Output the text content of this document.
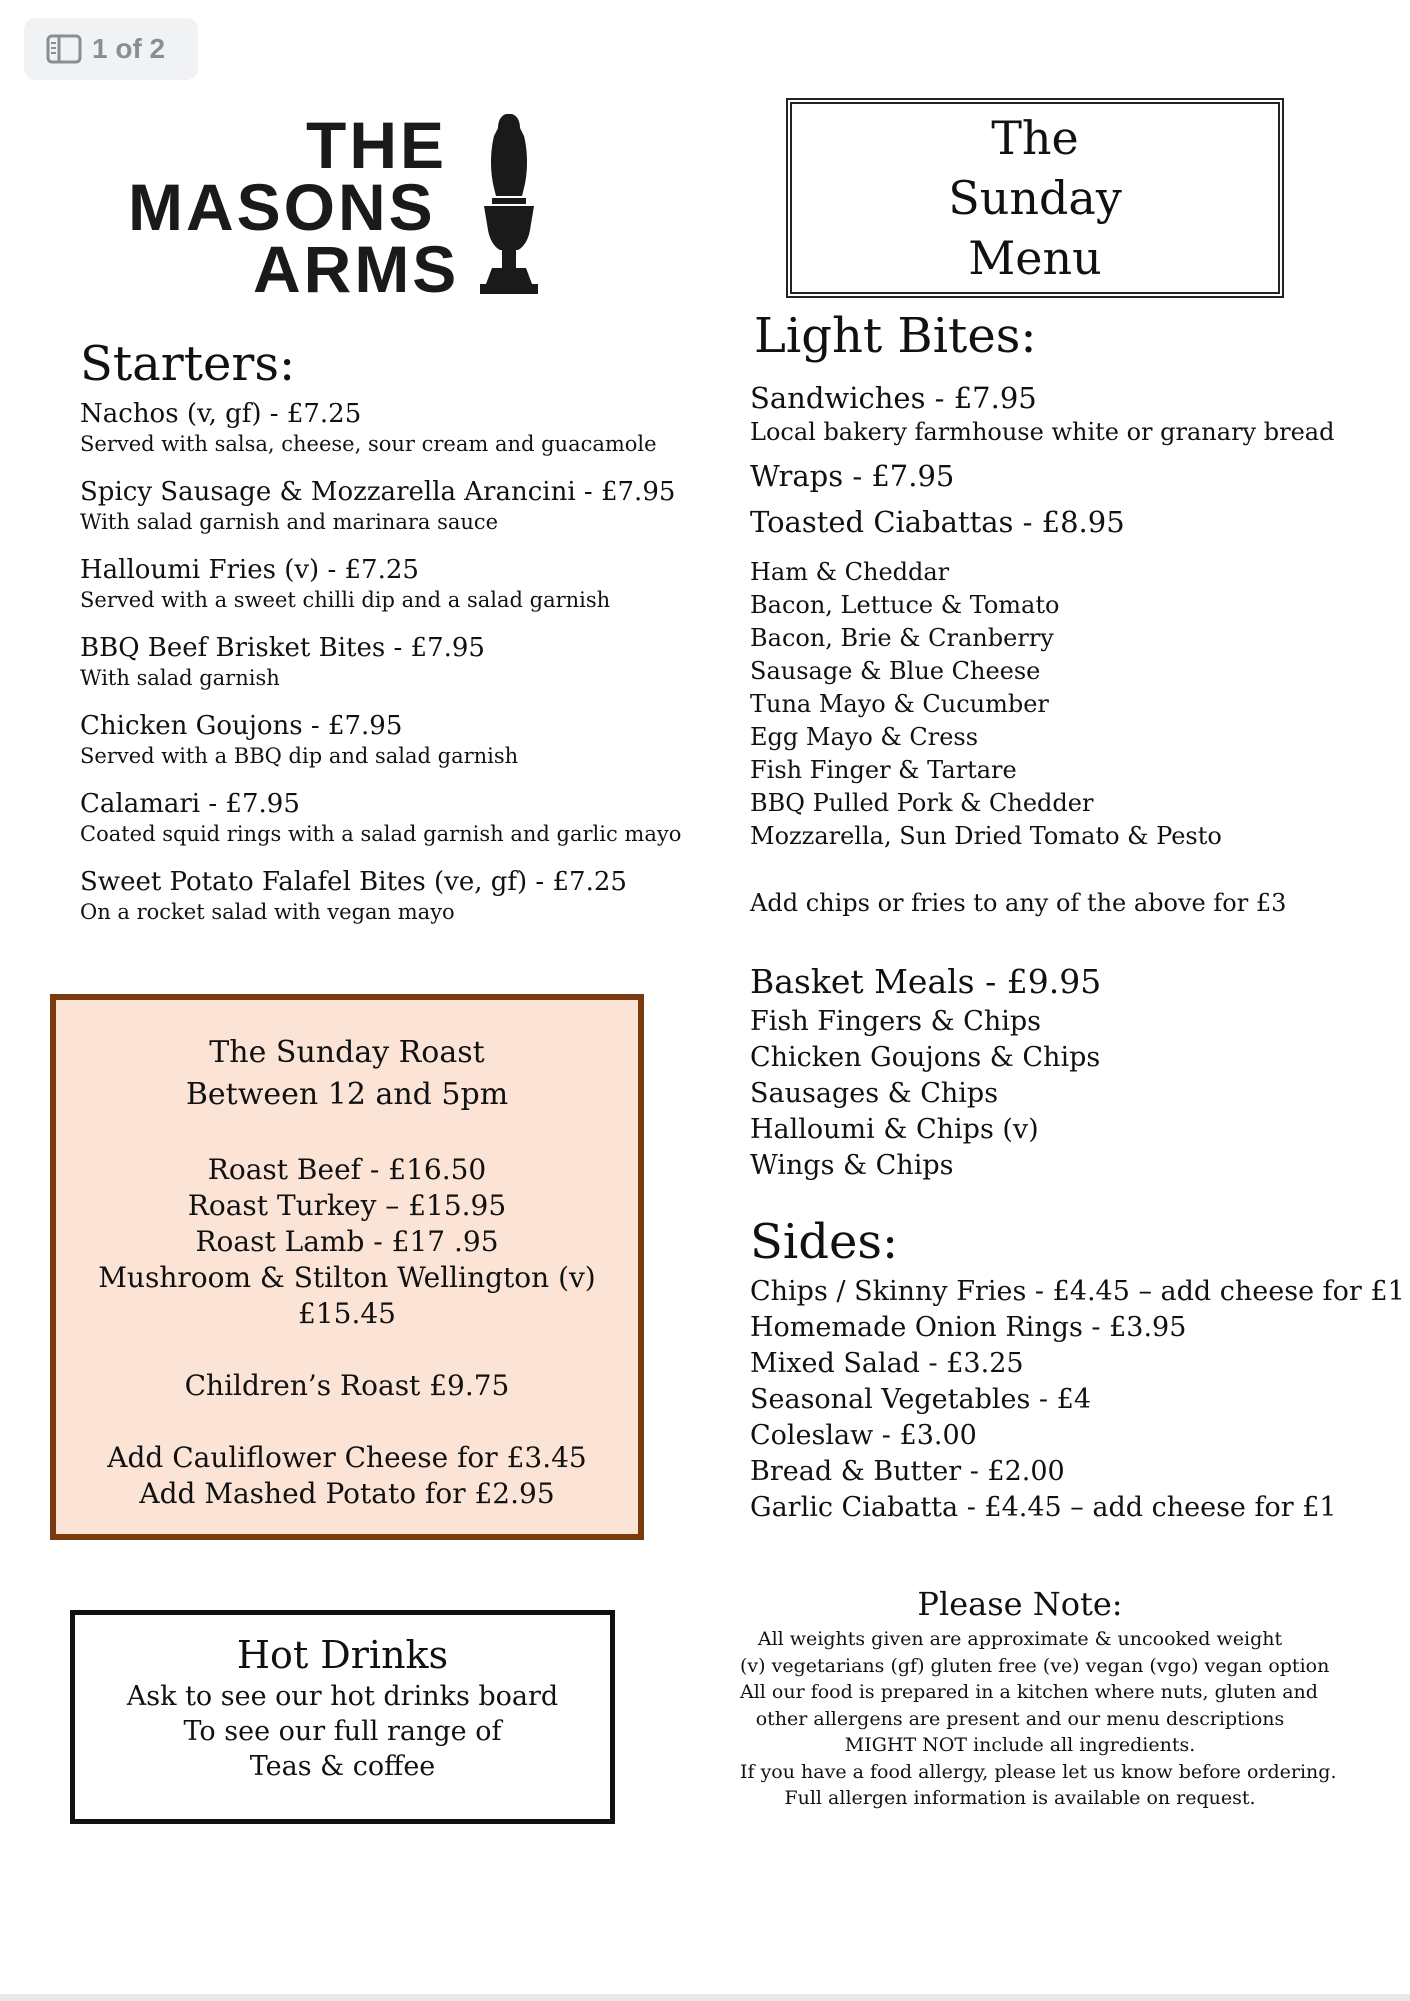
1 of 2
THE
MASONS
ARMS
The
Sunday
Menu
Starters:
Nachos (v, gf) - £7.25
Served with salsa, cheese, sour cream and guacamole
Spicy Sausage & Mozzarella Arancini - £7.95
With salad garnish and marinara sauce
Halloumi Fries (v) - £7.25
Served with a sweet chilli dip and a salad garnish
BBQ Beef Brisket Bites - £7.95
With salad garnish
Chicken Goujons - £7.95
Served with a BBQ dip and salad garnish
Calamari - £7.95
Coated squid rings with a salad garnish and garlic mayo
Sweet Potato Falafel Bites (ve, gf) - £7.25
On a rocket salad with vegan mayo
The Sunday Roast
Between 12 and 5pm
Roast Beef - £16.50
Roast Turkey – £15.95
Roast Lamb - £17 .95
Mushroom & Stilton Wellington (v)
£15.45
Children’s Roast £9.75
Add Cauliflower Cheese for £3.45
Add Mashed Potato for £2.95
Hot Drinks
Ask to see our hot drinks board
To see our full range of
Teas & coffee
Light Bites:
Sandwiches - £7.95
Local bakery farmhouse white or granary bread
Wraps - £7.95
Toasted Ciabattas - £8.95
Ham & Cheddar
Bacon, Lettuce & Tomato
Bacon, Brie & Cranberry
Sausage & Blue Cheese
Tuna Mayo & Cucumber
Egg Mayo & Cress
Fish Finger & Tartare
BBQ Pulled Pork & Chedder
Mozzarella, Sun Dried Tomato & Pesto
Add chips or fries to any of the above for £3
Basket Meals - £9.95
Fish Fingers & Chips
Chicken Goujons & Chips
Sausages & Chips
Halloumi & Chips (v)
Wings & Chips
Sides:
Chips / Skinny Fries - £4.45 – add cheese for £1
Homemade Onion Rings - £3.95
Mixed Salad - £3.25
Seasonal Vegetables - £4
Coleslaw - £3.00
Bread & Butter - £2.00
Garlic Ciabatta - £4.45 – add cheese for £1
Please Note:
All weights given are approximate & uncooked weight
(v) vegetarians (gf) gluten free (ve) vegan (vgo) vegan option
All our food is prepared in a kitchen where nuts, gluten and
other allergens are present and our menu descriptions
MIGHT NOT include all ingredients.
If you have a food allergy, please let us know before ordering.
Full allergen information is available on request.
